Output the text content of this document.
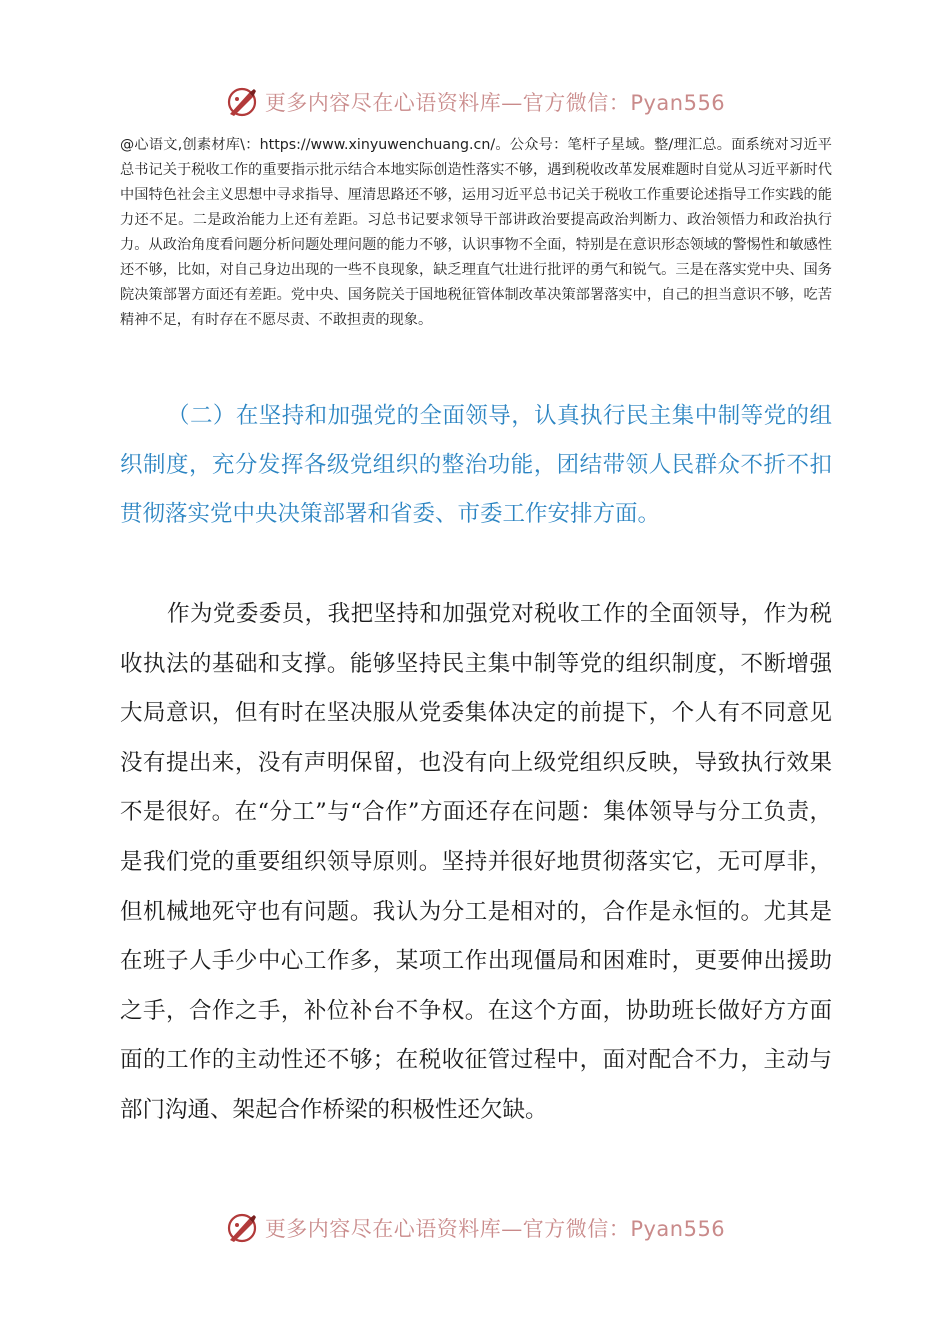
更多内容尽在心语资料库—官方微信：Pyan556
@心语文,创素材库\：https://www.xinyuwenchuang.cn/。公众号：笔杆子星域。整/理汇总。面系统对习近平总书记关于税收工作的重要指示批示结合本地实际创造性落实不够，遇到税收改革发展难题时自觉从习近平新时代中国特色社会主义思想中寻求指导、厘清思路还不够，运用习近平总书记关于税收工作重要论述指导工作实践的能力还不足。二是政治能力上还有差距。习总书记要求领导干部讲政治要提高政治判断力、政治领悟力和政治执行力。从政治角度看问题分析问题处理问题的能力不够，认识事物不全面，特别是在意识形态领域的警惕性和敏感性还不够，比如，对自己身边出现的一些不良现象，缺乏理直气壮进行批评的勇气和锐气。三是在落实党中央、国务院决策部署方面还有差距。党中央、国务院关于国地税征管体制改革决策部署落实中，自己的担当意识不够，吃苦精神不足，有时存在不愿尽责、不敢担责的现象。
（二）在坚持和加强党的全面领导，认真执行民主集中制等党的组织制度，充分发挥各级党组织的整治功能，团结带领人民群众不折不扣贯彻落实党中央决策部署和省委、市委工作安排方面。
作为党委委员，我把坚持和加强党对税收工作的全面领导，作为税收执法的基础和支撑。能够坚持民主集中制等党的组织制度，不断增强大局意识，但有时在坚决服从党委集体决定的前提下，个人有不同意见没有提出来，没有声明保留，也没有向上级党组织反映，导致执行效果不是很好。在“分工”与“合作”方面还存在问题：集体领导与分工负责，是我们党的重要组织领导原则。坚持并很好地贯彻落实它，无可厚非，但机械地死守也有问题。我认为分工是相对的，合作是永恒的。尤其是在班子人手少中心工作多，某项工作出现僵局和困难时，更要伸出援助之手，合作之手，补位补台不争权。在这个方面，协助班长做好方方面面的工作的主动性还不够；在税收征管过程中，面对配合不力，主动与部门沟通、架起合作桥梁的积极性还欠缺。
更多内容尽在心语资料库—官方微信：Pyan556
